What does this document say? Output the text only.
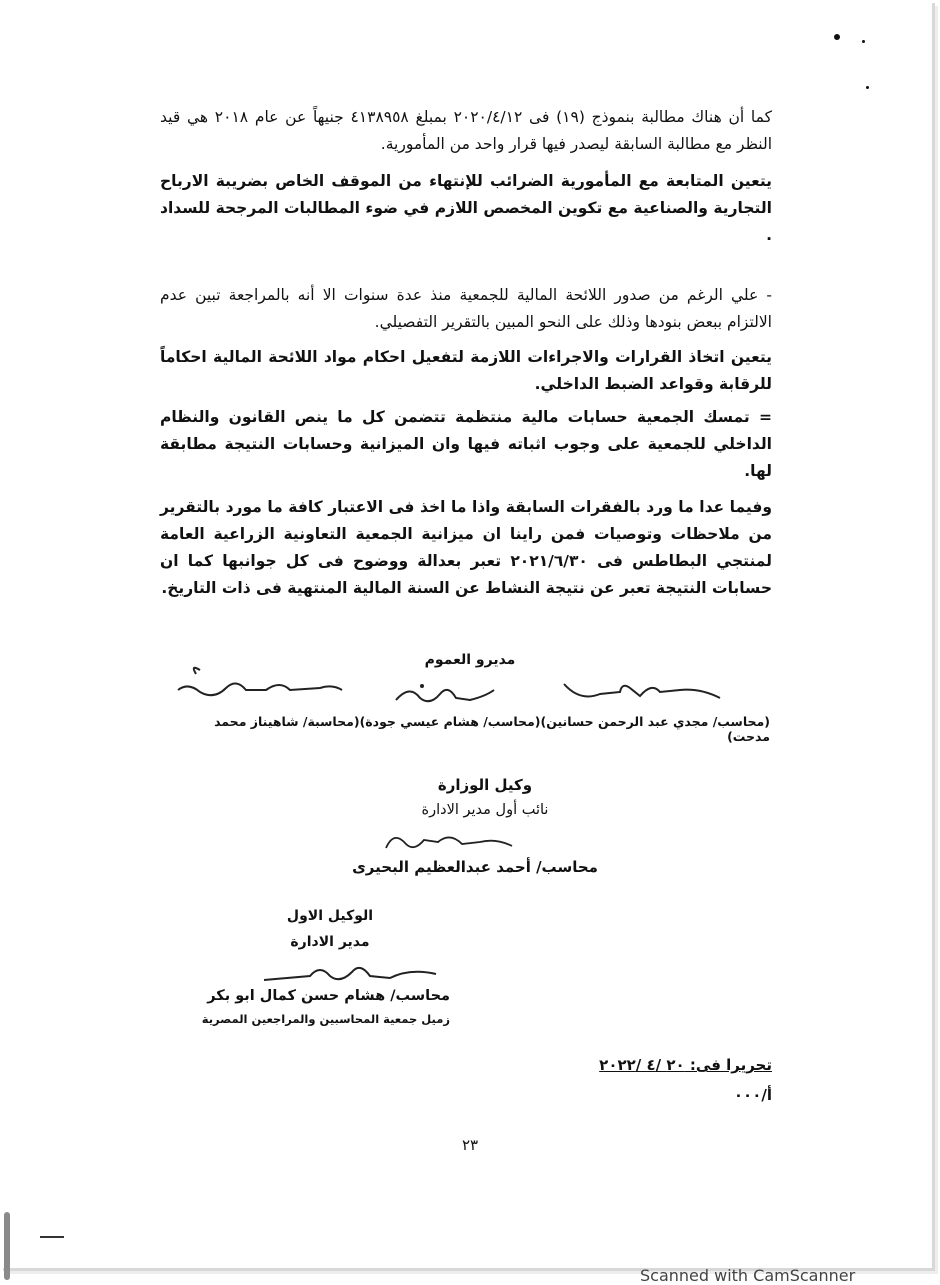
كما أن هناك مطالبة بنموذج (١٩) فى ٢٠٢٠/٤/١٢ بمبلغ ٤١٣٨٩٥٨ جنيهاً عن عام ٢٠١٨ هي قيد النظر مع مطالبة السابقة ليصدر فيها قرار واحد من المأمورية.

يتعين المتابعة مع المأمورية الضرائب للإنتهاء من الموقف الخاص بضريبة الارباح التجارية والصناعية مع تكوين المخصص اللازم في ضوء المطالبات المرجحة للسداد .

- علي الرغم من صدور اللائحة المالية للجمعية منذ عدة سنوات الا أنه بالمراجعة تبين عدم الالتزام ببعض بنودها وذلك على النحو المبين بالتقرير التفصيلي.

يتعين اتخاذ القرارات والاجراءات اللازمة لتفعيل احكام مواد اللائحة المالية احكاماً للرقابة وقواعد الضبط الداخلي.

= تمسك الجمعية حسابات مالية منتظمة تتضمن كل ما ينص القانون والنظام الداخلي للجمعية على وجوب اثباته فيها وان الميزانية وحسابات النتيجة مطابقة لها.

وفيما عدا ما ورد بالفقرات السابقة واذا ما اخذ فى الاعتبار كافة ما مورد بالتقرير من ملاحظات وتوصيات فمن راينا ان ميزانية الجمعية التعاونية الزراعية العامة لمنتجي البطاطس فى ٢٠٢١/٦/٣٠ تعبر بعدالة ووضوح فى كل جوانبها كما ان حسابات النتيجة تعبر عن نتيجة النشاط عن السنة المالية المنتهية فى ذات التاريخ.

مديرو العموم

(محاسب/ مجدي عبد الرحمن حسانين)(محاسب/ هشام عيسي جودة)(محاسبة/ شاهيناز محمد مدحت)

وكيل الوزارة

نائب أول مدير الادارة

محاسب/ أحمد عبدالعظيم البحيرى

الوكيل الاول

مدير الادارة

محاسب/ هشام حسن كمال ابو بكر

زميل جمعية المحاسبين والمراجعين المصرية

تحريرا فى: ٢٠ /٤ /٢٠٢٢

أ/٠٠٠

٢٣
Scanned with CamScanner
